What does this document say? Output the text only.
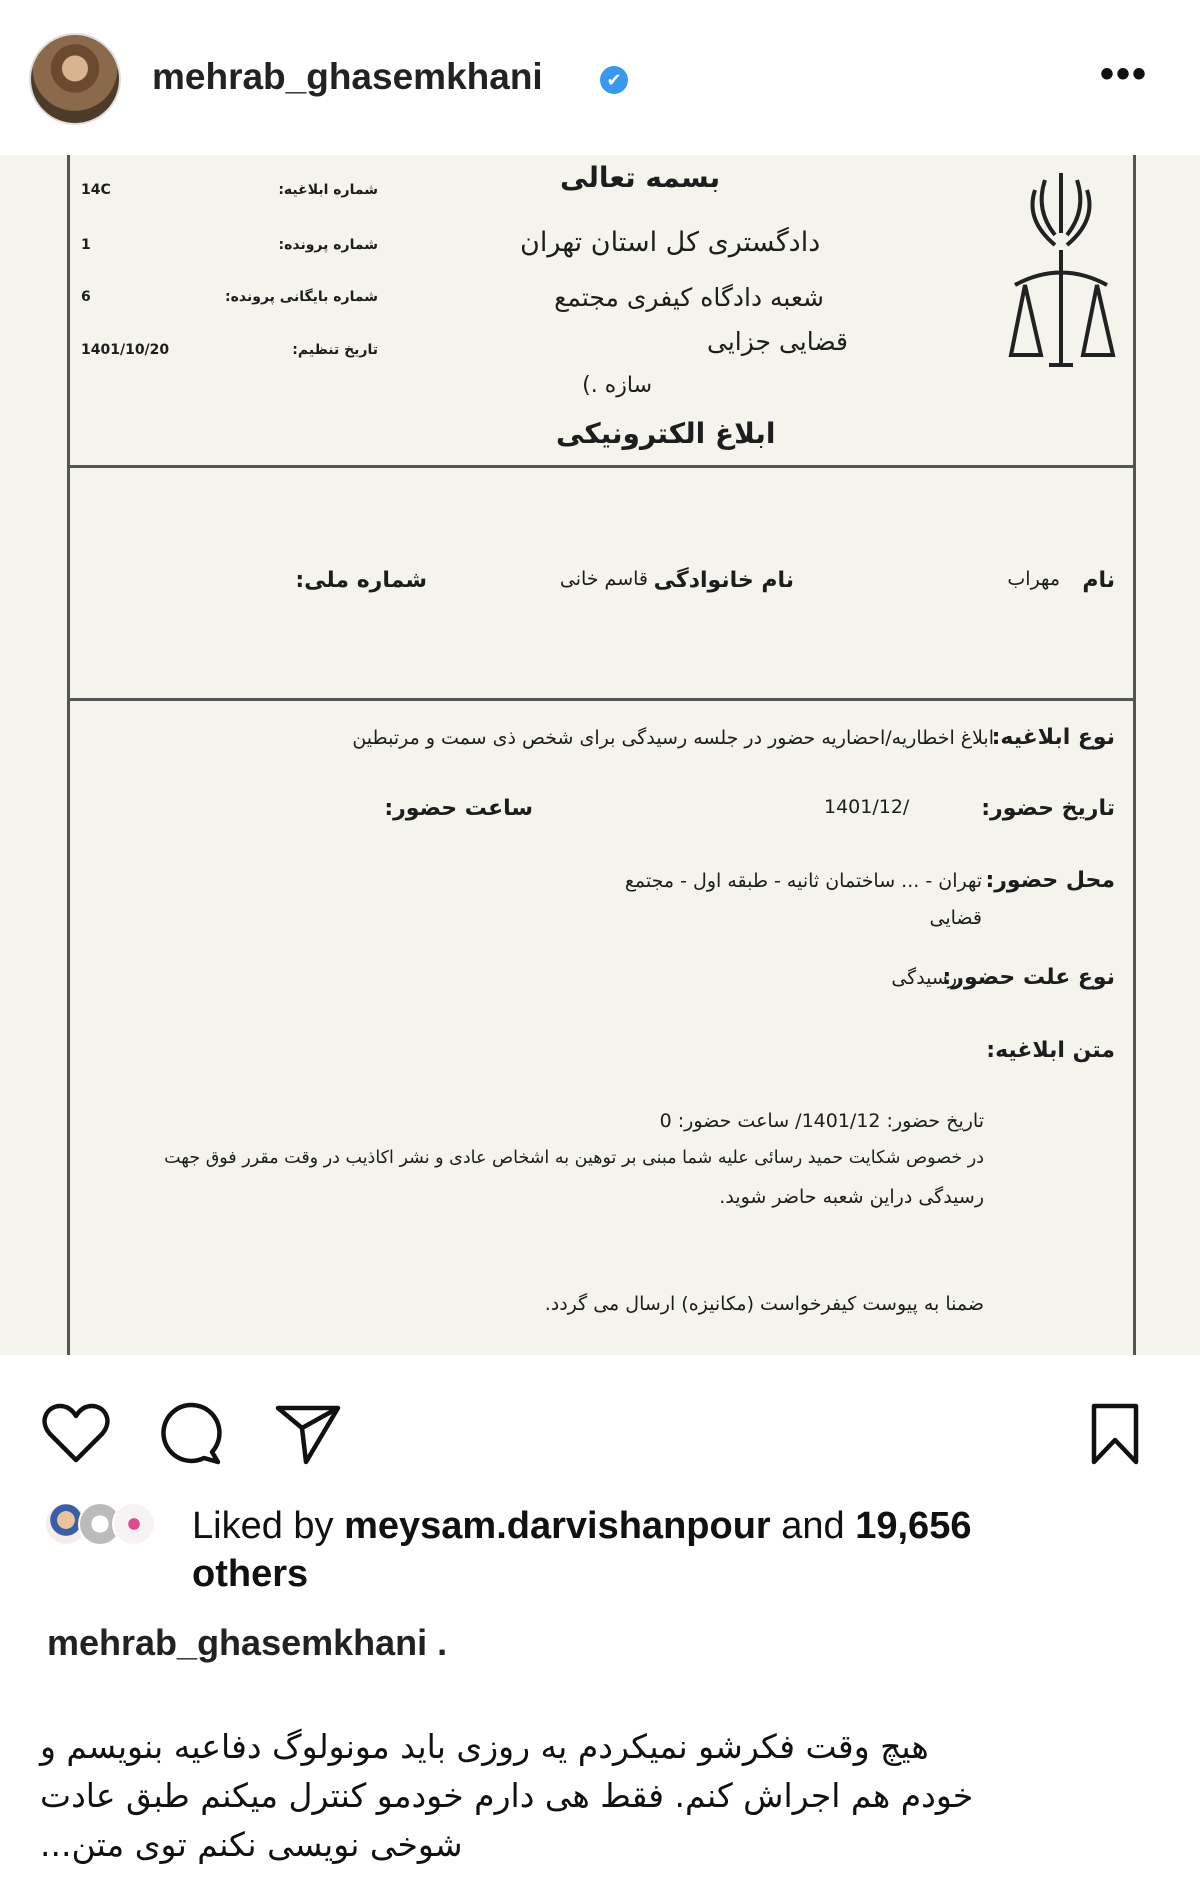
mehrab_ghasemkhani	✔	•••
بسمه تعالی
دادگستری کل استان تهران
شعبه دادگاه کیفری مجتمع
قضایی جزایی
سازه .)
ابلاغ الکترونیکی
شماره ابلاغیه:
14C
شماره پرونده:
1
شماره بایگانی پرونده:
6
تاریخ تنظیم:
1401/10/20
نام
مهراب
نام خانوادگی
قاسم خانی
شماره ملی:
نوع ابلاغیه:
ابلاغ اخطاریه/احضاریه حضور در جلسه رسیدگی برای شخص ذی سمت و مرتبطین
تاریخ حضور:
1401/12/
ساعت حضور:
محل حضور:
تهران - ... ساختمان ثانیه - طبقه اول - مجتمع
قضایی
نوع علت حضور:
رسیدگی
متن ابلاغیه:
تاریخ حضور: 1401/12/ ساعت حضور: 0
در خصوص شکایت حمید رسائی علیه شما مبنی بر توهین به اشخاص عادی و نشر اکاذیب در وقت مقرر فوق جهت
رسیدگی دراین شعبه حاضر شوید.
ضمنا به پیوست کیفرخواست (مکانیزه) ارسال می گردد.
Liked by meysam.darvishanpour and 19,656 others
mehrab_ghasemkhani .
هیچ وقت فکرشو نمیکردم یه روزی باید مونولوگ دفاعیه بنویسم و
خودم هم اجراش کنم. فقط هی دارم خودمو کنترل میکنم طبق عادت
شوخی نویسی نکنم توی متن...
